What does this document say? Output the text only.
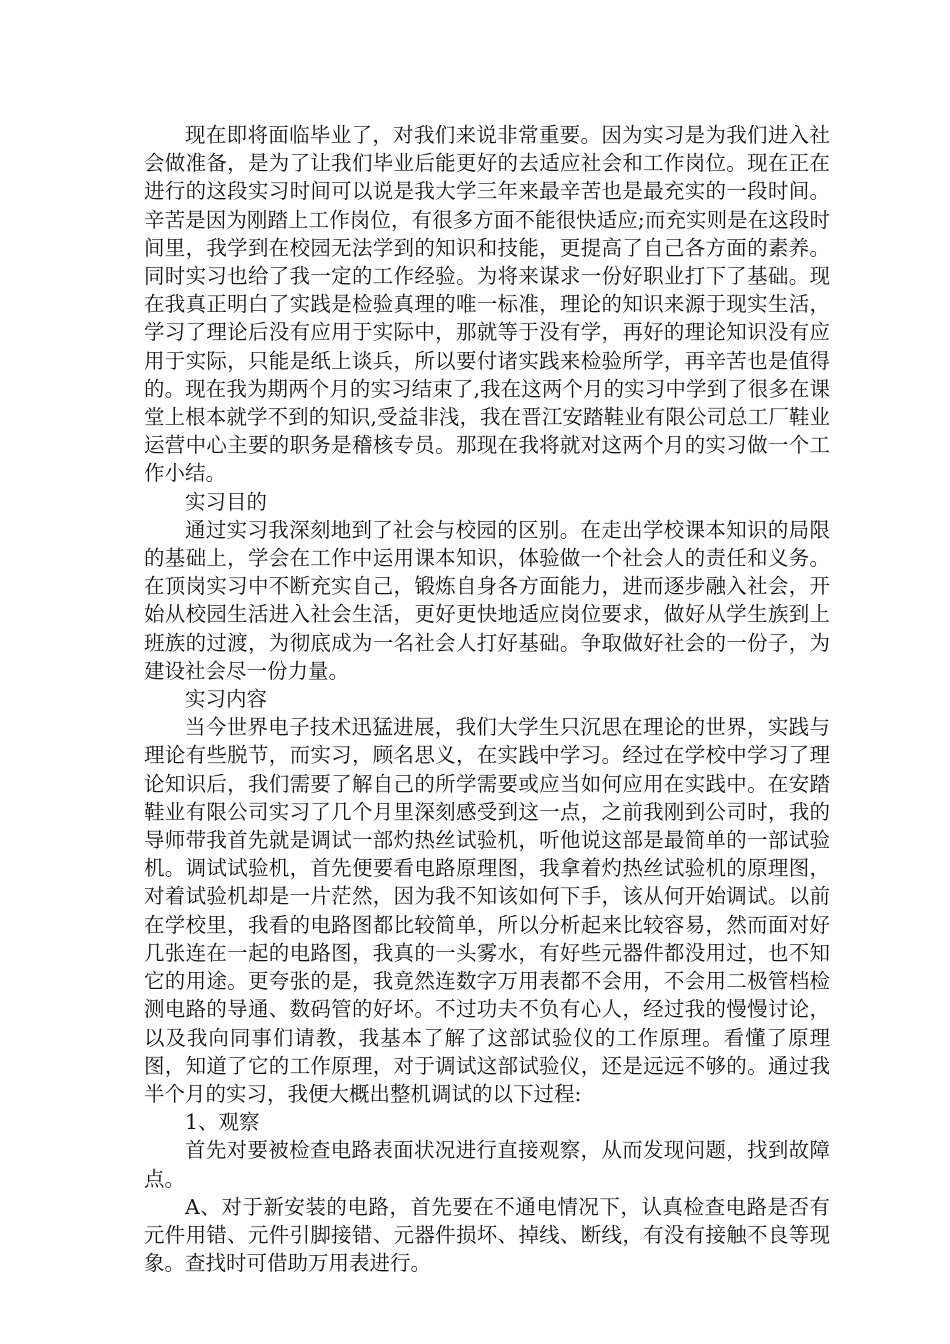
现在即将面临毕业了，对我们来说非常重要。因为实习是为我们进入社会做准备，是为了让我们毕业后能更好的去适应社会和工作岗位。现在正在进行的这段实习时间可以说是我大学三年来最辛苦也是最充实的一段时间。辛苦是因为刚踏上工作岗位，有很多方面不能很快适应;而充实则是在这段时间里，我学到在校园无法学到的知识和技能，更提高了自己各方面的素养。同时实习也给了我一定的工作经验。为将来谋求一份好职业打下了基础。现在我真正明白了实践是检验真理的唯一标准，理论的知识来源于现实生活，学习了理论后没有应用于实际中，那就等于没有学，再好的理论知识没有应用于实际，只能是纸上谈兵，所以要付诸实践来检验所学，再辛苦也是值得的。现在我为期两个月的实习结束了,我在这两个月的实习中学到了很多在课堂上根本就学不到的知识,受益非浅，我在晋江安踏鞋业有限公司总工厂鞋业运营中心主要的职务是稽核专员。那现在我将就对这两个月的实习做一个工作小结。

实习目的

通过实习我深刻地到了社会与校园的区别。在走出学校课本知识的局限的基础上，学会在工作中运用课本知识，体验做一个社会人的责任和义务。在顶岗实习中不断充实自己，锻炼自身各方面能力，进而逐步融入社会，开始从校园生活进入社会生活，更好更快地适应岗位要求，做好从学生族到上班族的过渡，为彻底成为一名社会人打好基础。争取做好社会的一份子，为建设社会尽一份力量。

实习内容

当今世界电子技术迅猛进展，我们大学生只沉思在理论的世界，实践与理论有些脱节，而实习，顾名思义，在实践中学习。经过在学校中学习了理论知识后，我们需要了解自己的所学需要或应当如何应用在实践中。在安踏 鞋业有限公司实习了几个月里深刻感受到这一点，之前我刚到公司时，我的导师带我首先就是调试一部灼热丝试验机，听他说这部是最简单的一部试验机。调试试验机，首先便要看电路原理图，我拿着灼热丝试验机的原理图，对着试验机却是一片茫然，因为我不知该如何下手，该从何开始调试。以前在学校里，我看的电路图都比较简单，所以分析起来比较容易，然而面对好几张连在一起的电路图，我真的一头雾水，有好些元器件都没用过，也不知它的用途。更夸张的是，我竟然连数字万用表都不会用，不会用二极管档检测电路的导通、数码管的好坏。不过功夫不负有心人，经过我的慢慢讨论，以及我向同事们请教，我基本了解了这部试验仪的工作原理。看懂了原理图，知道了它的工作原理，对于调试这部试验仪，还是远远不够的。通过我半个月的实习，我便大概出整机调试的以下过程:

1、观察

首先对要被检查电路表面状况进行直接观察，从而发现问题，找到故障点。

A、对于新安装的电路，首先要在不通电情况下，认真检查电路是否有元件用错、元件引脚接错、元器件损坏、掉线、断线，有没有接触不良等现象。查找时可借助万用表进行。
